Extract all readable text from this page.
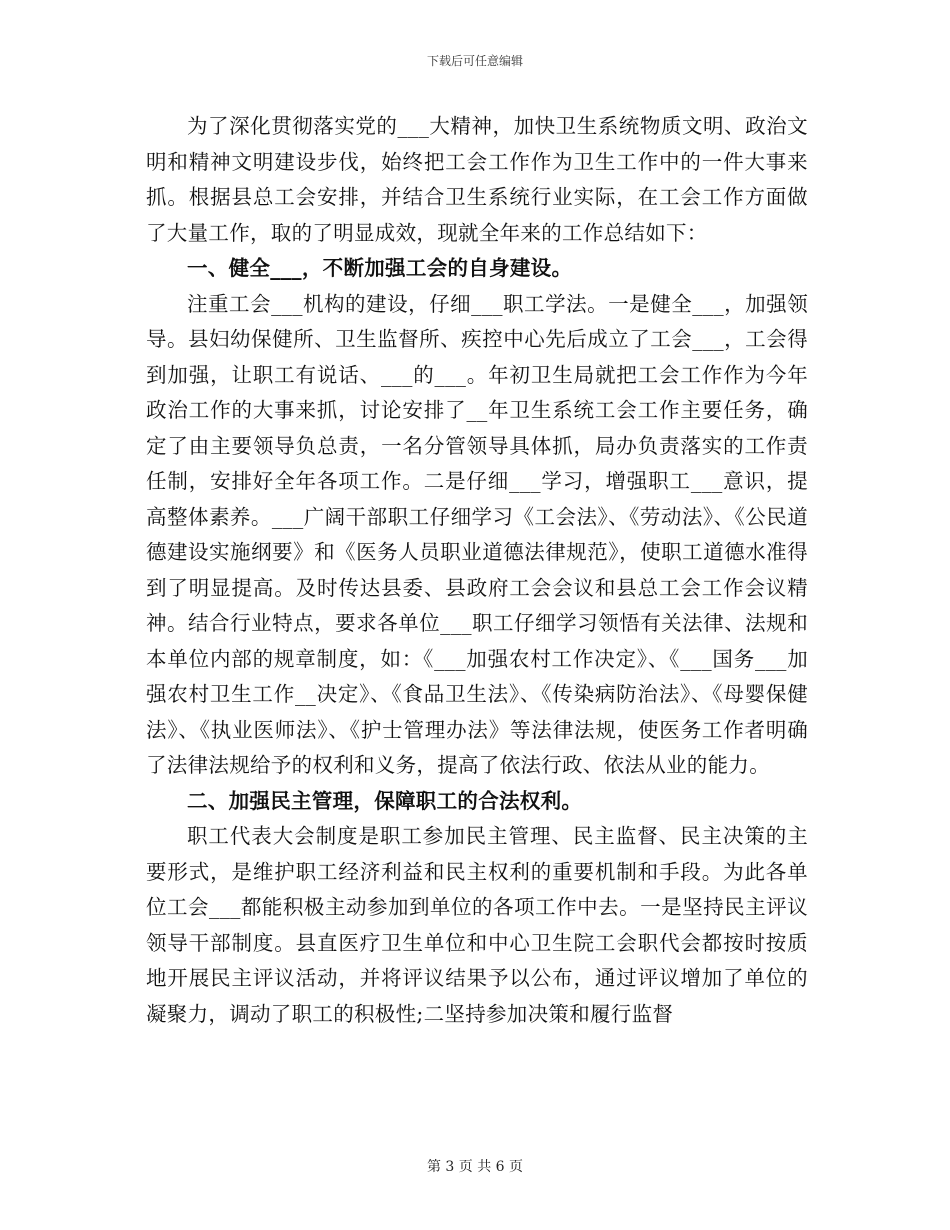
下载后可任意编辑

为了深化贯彻落实党的___大精神，加快卫生系统物质文明、政治文明和精神文明建设步伐，始终把工会工作作为卫生工作中的一件大事来抓。根据县总工会安排，并结合卫生系统行业实际，在工会工作方面做了大量工作，取的了明显成效，现就全年来的工作总结如下：

一、健全___，不断加强工会的自身建设。

注重工会___机构的建设，仔细___职工学法。一是健全___，加强领导。县妇幼保健所、卫生监督所、疾控中心先后成立了工会___，工会得到加强，让职工有说话、___的___。年初卫生局就把工会工作作为今年政治工作的大事来抓，讨论安排了__年卫生系统工会工作主要任务，确定了由主要领导负总责，一名分管领导具体抓，局办负责落实的工作责任制，安排好全年各项工作。二是仔细___学习，增强职工___意识，提高整体素养。___广阔干部职工仔细学习《工会法》、《劳动法》、《公民道德建设实施纲要》和《医务人员职业道德法律规范》，使职工道德水准得到了明显提高。及时传达县委、县政府工会会议和县总工会工作会议精神。结合行业特点，要求各单位___职工仔细学习领悟有关法律、法规和本单位内部的规章制度，如：《___加强农村工作决定》、《___国务___加强农村卫生工作__决定》、《食品卫生法》、《传染病防治法》、《母婴保健法》、《执业医师法》、《护士管理办法》等法律法规，使医务工作者明确了法律法规给予的权利和义务，提高了依法行政、依法从业的能力。

二、加强民主管理，保障职工的合法权利。

职工代表大会制度是职工参加民主管理、民主监督、民主决策的主要形式，是维护职工经济利益和民主权利的重要机制和手段。为此各单位工会___都能积极主动参加到单位的各项工作中去。一是坚持民主评议领导干部制度。县直医疗卫生单位和中心卫生院工会职代会都按时按质地开展民主评议活动，并将评议结果予以公布，通过评议增加了单位的凝聚力，调动了职工的积极性;二坚持参加决策和履行监督

第 3 页 共 6 页
